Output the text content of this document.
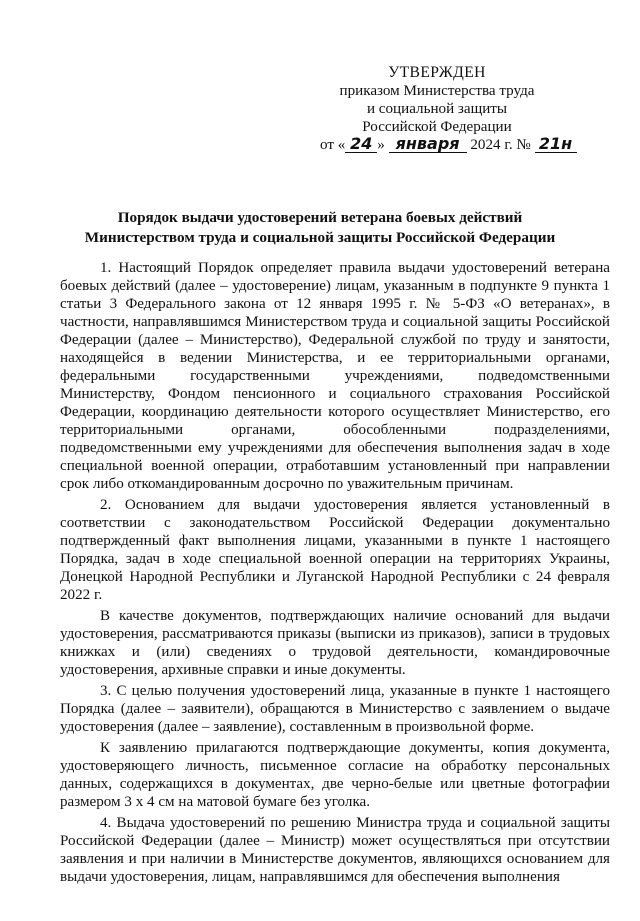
УТВЕРЖДЕН
приказом Министерства труда
и социальной защиты
Российской Федерации
от « 24 » января 2024 г. № 21н
Порядок выдачи удостоверений ветерана боевых действий
Министерством труда и социальной защиты Российской Федерации

1. Настоящий Порядок определяет правила выдачи удостоверений ветерана боевых действий (далее – удостоверение) лицам, указанным в подпункте 9 пункта 1 статьи 3 Федерального закона от 12 января 1995 г. № 5-ФЗ «О ветеранах», в частности, направлявшимся Министерством труда и социальной защиты Российской Федерации (далее – Министерство), Федеральной службой по труду и занятости, находящейся в ведении Министерства, и ее территориальными органами, федеральными государственными учреждениями, подведомственными Министерству, Фондом пенсионного и социального страхования Российской Федерации, координацию деятельности которого осуществляет Министерство, его территориальными органами, обособленными подразделениями, подведомственными ему учреждениями для обеспечения выполнения задач в ходе специальной военной операции, отработавшим установленный при направлении срок либо откомандированным досрочно по уважительным причинам.

2. Основанием для выдачи удостоверения является установленный в соответствии с законодательством Российской Федерации документально подтвержденный факт выполнения лицами, указанными в пункте 1 настоящего Порядка, задач в ходе специальной военной операции на территориях Украины, Донецкой Народной Республики и Луганской Народной Республики с 24 февраля 2022 г.

В качестве документов, подтверждающих наличие оснований для выдачи удостоверения, рассматриваются приказы (выписки из приказов), записи в трудовых книжках и (или) сведениях о трудовой деятельности, командировочные удостоверения, архивные справки и иные документы.

3. С целью получения удостоверений лица, указанные в пункте 1 настоящего Порядка (далее – заявители), обращаются в Министерство с заявлением о выдаче удостоверения (далее – заявление), составленным в произвольной форме.

К заявлению прилагаются подтверждающие документы, копия документа, удостоверяющего личность, письменное согласие на обработку персональных данных, содержащихся в документах, две черно-белые или цветные фотографии размером 3 х 4 см на матовой бумаге без уголка.

4. Выдача удостоверений по решению Министра труда и социальной защиты Российской Федерации (далее – Министр) может осуществляться при отсутствии заявления и при наличии в Министерстве документов, являющихся основанием для выдачи удостоверения, лицам, направлявшимся для обеспечения выполнения
